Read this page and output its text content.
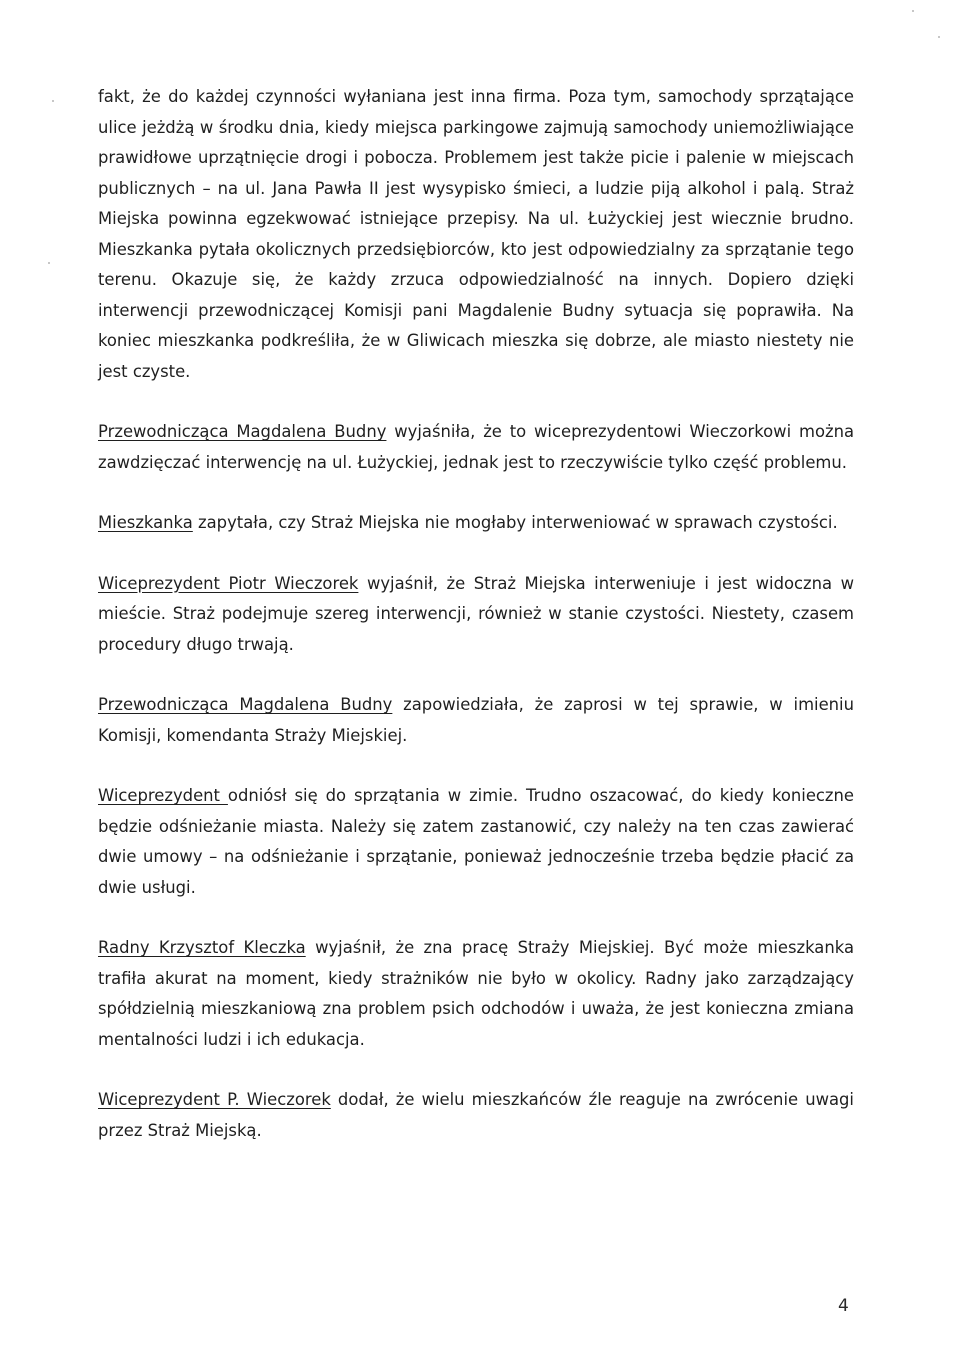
fakt, że do każdej czynności wyłaniana jest inna firma. Poza tym, samochody sprzątające ulice jeżdżą w środku dnia, kiedy miejsca parkingowe zajmują samochody uniemożliwiające prawidłowe uprzątnięcie drogi i pobocza. Problemem jest także picie i palenie w miejscach publicznych – na ul. Jana Pawła II jest wysypisko śmieci, a ludzie piją alkohol i palą. Straż Miejska powinna egzekwować istniejące przepisy. Na ul. Łużyckiej jest wiecznie brudno. Mieszkanka pytała okolicznych przedsiębiorców, kto jest odpowiedzialny za sprzątanie tego terenu. Okazuje się, że każdy zrzuca odpowiedzialność na innych. Dopiero dzięki interwencji przewodniczącej Komisji pani Magdalenie Budny sytuacja się poprawiła. Na koniec mieszkanka podkreśliła, że w Gliwicach mieszka się dobrze, ale miasto niestety nie jest czyste.

Przewodnicząca Magdalena Budny wyjaśniła, że to wiceprezydentowi Wieczorkowi można zawdzięczać interwencję na ul. Łużyckiej, jednak jest to rzeczywiście tylko część problemu.

Mieszkanka zapytała, czy Straż Miejska nie mogłaby interweniować w sprawach czystości.

Wiceprezydent Piotr Wieczorek wyjaśnił, że Straż Miejska interweniuje i jest widoczna w mieście. Straż podejmuje szereg interwencji, również w stanie czystości. Niestety, czasem procedury długo trwają.

Przewodnicząca Magdalena Budny zapowiedziała, że zaprosi w tej sprawie, w imieniu Komisji, komendanta Straży Miejskiej.

Wiceprezydent odniósł się do sprzątania w zimie. Trudno oszacować, do kiedy konieczne będzie odśnieżanie miasta. Należy się zatem zastanowić, czy należy na ten czas zawierać dwie umowy – na odśnieżanie i sprzątanie, ponieważ jednocześnie trzeba będzie płacić za dwie usługi.

Radny Krzysztof Kleczka wyjaśnił, że zna pracę Straży Miejskiej. Być może mieszkanka trafiła akurat na moment, kiedy strażników nie było w okolicy. Radny jako zarządzający spółdzielnią mieszkaniową zna problem psich odchodów i uważa, że jest konieczna zmiana mentalności ludzi i ich edukacja.

Wiceprezydent P. Wieczorek dodał, że wielu mieszkańców źle reaguje na zwrócenie uwagi przez Straż Miejską.

4
